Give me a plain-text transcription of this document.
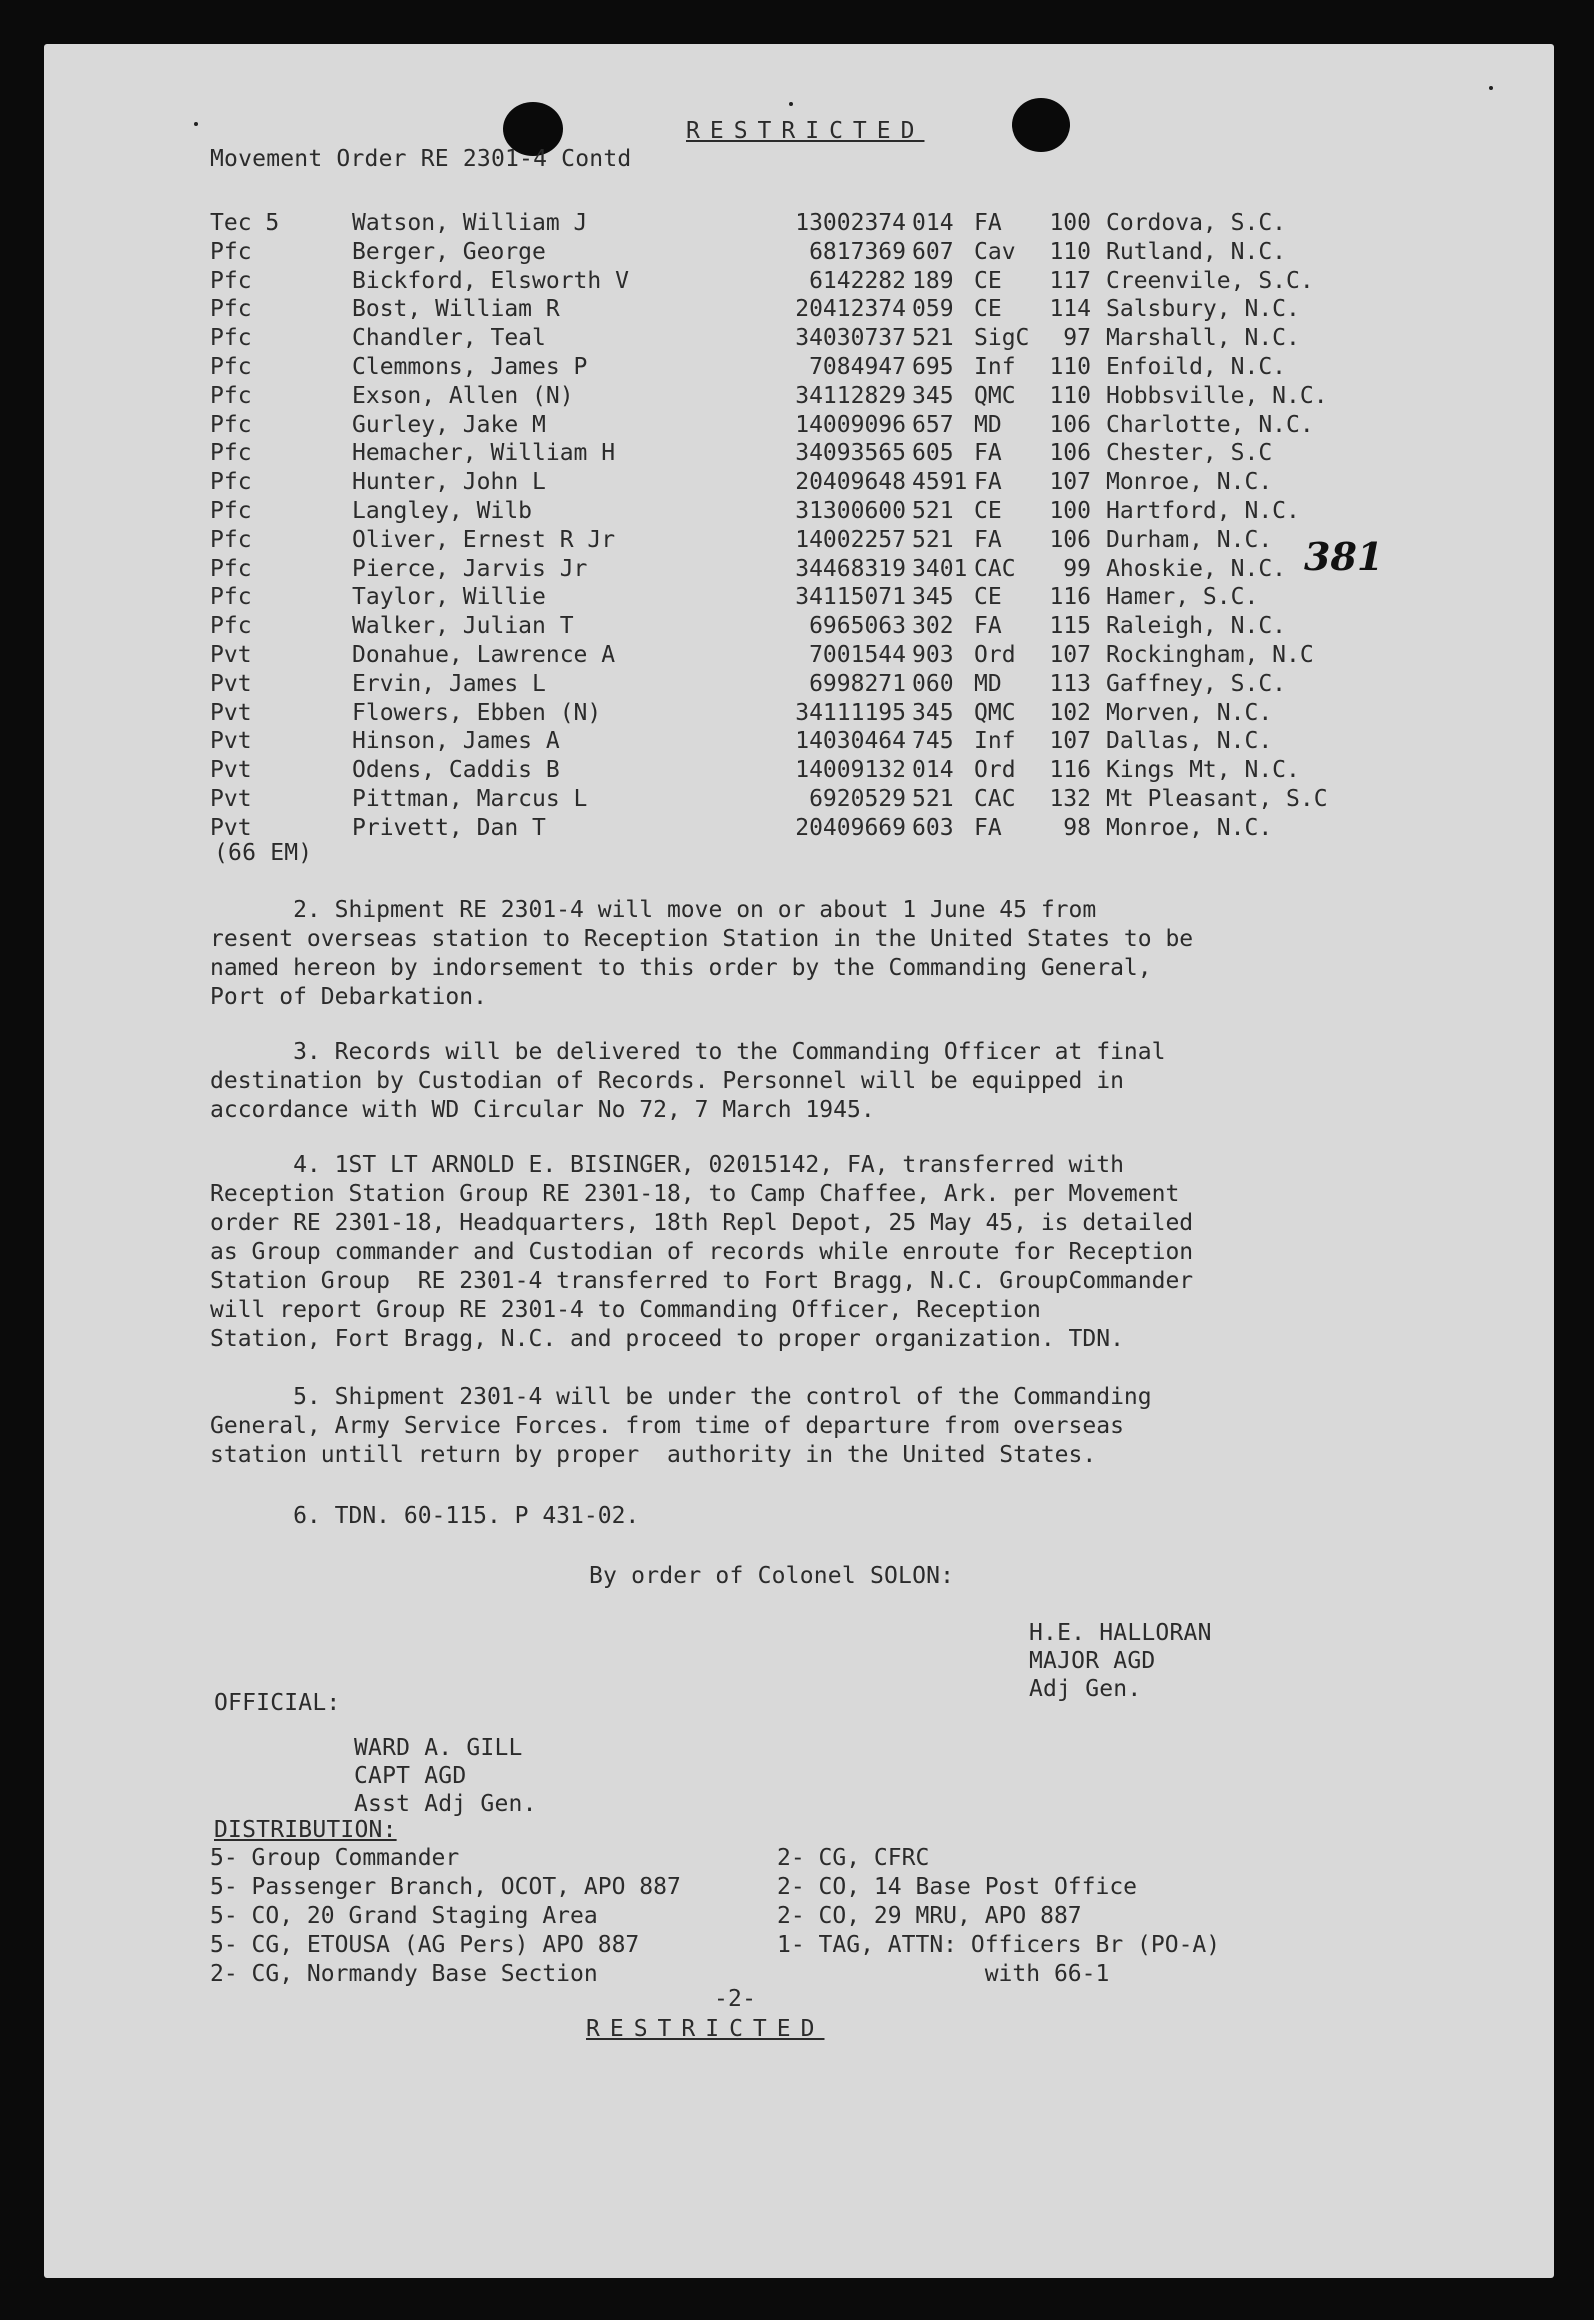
RESTRICTED
Movement Order RE 2301-4 Contd
381
Tec 5	Watson, William J	13002374 014 FA 100 Cordova, S.C.
Pfc	Berger, George	6817369 607 Cav 110 Rutland, N.C.
Pfc	Bickford, Elsworth V	6142282 189 CE 117 Creenvile, S.C.
Pfc	Bost, William R	20412374 059 CE 114 Salsbury, N.C.
Pfc	Chandler, Teal	34030737 521 SigC 97 Marshall, N.C.
Pfc	Clemmons, James P	7084947 695 Inf 110 Enfoild, N.C.
Pfc	Exson, Allen (N)	34112829 345 QMC 110 Hobbsville, N.C.
Pfc	Gurley, Jake M	14009096 657 MD 106 Charlotte, N.C.
Pfc	Hemacher, William H	34093565 605 FA 106 Chester, S.C
Pfc	Hunter, John L	20409648 4591 FA 107 Monroe, N.C.
Pfc	Langley, Wilb	31300600 521 CE 100 Hartford, N.C.
Pfc	Oliver, Ernest R Jr	14002257 521 FA 106 Durham, N.C.
Pfc	Pierce, Jarvis Jr	34468319 3401 CAC 99 Ahoskie, N.C.
Pfc	Taylor, Willie	34115071 345 CE 116 Hamer, S.C.
Pfc	Walker, Julian T	6965063 302 FA 115 Raleigh, N.C.
Pvt	Donahue, Lawrence A	7001544 903 Ord 107 Rockingham, N.C
Pvt	Ervin, James L	6998271 060 MD 113 Gaffney, S.C.
Pvt	Flowers, Ebben (N)	34111195 345 QMC 102 Morven, N.C.
Pvt	Hinson, James A	14030464 745 Inf 107 Dallas, N.C.
Pvt	Odens, Caddis B	14009132 014 Ord 116 Kings Mt, N.C.
Pvt	Pittman, Marcus L	6920529 521 CAC 132 Mt Pleasant, S.C
Pvt	Privett, Dan T	20409669 603 FA	98 Monroe, N.C.
(66 EM)
2. Shipment RE 2301-4 will move on or about 1 June 45 from
resent overseas station to Reception Station in the United States to be
named hereon by indorsement to this order by the Commanding General,
Port of Debarkation.
3. Records will be delivered to the Commanding Officer at final
destination by Custodian of Records. Personnel will be equipped in
accordance with WD Circular No 72, 7 March 1945.
4. 1ST LT ARNOLD E. BISINGER, 02015142, FA, transferred with
Reception Station Group RE 2301-18, to Camp Chaffee, Ark. per Movement
order RE 2301-18, Headquarters, 18th Repl Depot, 25 May 45, is detailed
as Group commander and Custodian of records while enroute for Reception
Station Group  RE 2301-4 transferred to Fort Bragg, N.C. GroupCommander
will report Group RE 2301-4 to Commanding Officer, Reception
Station, Fort Bragg, N.C. and proceed to proper organization. TDN.
5. Shipment 2301-4 will be under the control of the Commanding
General, Army Service Forces. from time of departure from overseas
station untill return by proper  authority in the United States.
6. TDN. 60-115. P 431-02.
By order of Colonel SOLON:
H.E. HALLORAN
MAJOR AGD
Adj Gen.
OFFICIAL:
WARD A. GILL
CAPT AGD
Asst Adj Gen.
DISTRIBUTION:
5- Group Commander
5- Passenger Branch, OCOT, APO 887
5- CO, 20 Grand Staging Area
5- CG, ETOUSA (AG Pers) APO 887
2- CG, Normandy Base Section
2- CG, CFRC
2- CO, 14 Base Post Office
2- CO, 29 MRU, APO 887
1- TAG, ATTN: Officers Br (PO-A)
with 66-1
-2-
RESTRICTED
